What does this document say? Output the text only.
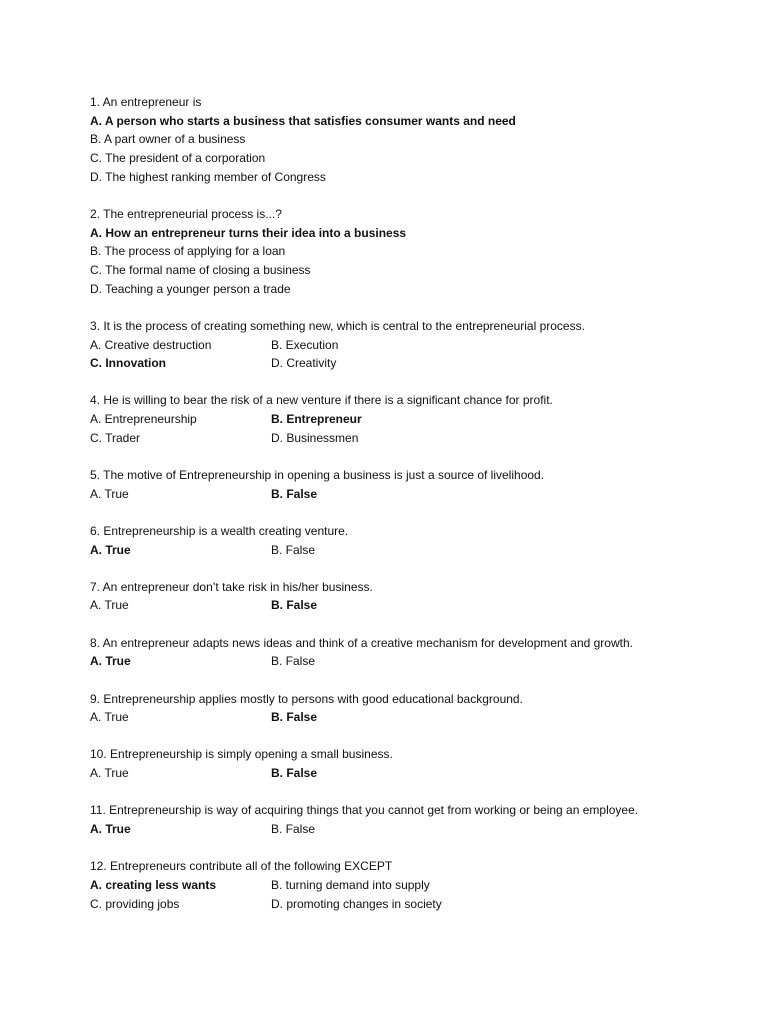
1. An entrepreneur is
A. A person who starts a business that satisfies consumer wants and need
B. A part owner of a business
C. The president of a corporation
D. The highest ranking member of Congress
2. The entrepreneurial process is...?
A. How an entrepreneur turns their idea into a business
B. The process of applying for a loan
C. The formal name of closing a business
D. Teaching a younger person a trade
3. It is the process of creating something new, which is central to the entrepreneurial process.
A. Creative destruction	B. Execution
C. Innovation	D. Creativity
4. He is willing to bear the risk of a new venture if there is a significant chance for profit.
A. Entrepreneurship	B. Entrepreneur
C. Trader	D. Businessmen
5. The motive of Entrepreneurship in opening a business is just a source of livelihood.
A. True	B. False
6. Entrepreneurship is a wealth creating venture.
A. True	B. False
7. An entrepreneur don’t take risk in his/her business.
A. True	B. False
8. An entrepreneur adapts news ideas and think of a creative mechanism for development and growth.
A. True	B. False
9. Entrepreneurship applies mostly to persons with good educational background.
A. True	B. False
10. Entrepreneurship is simply opening a small business.
A. True	B. False
11. Entrepreneurship is way of acquiring things that you cannot get from working or being an employee.
A. True	B. False
12. Entrepreneurs contribute all of the following EXCEPT
A. creating less wants	B. turning demand into supply
C. providing jobs	D. promoting changes in society
